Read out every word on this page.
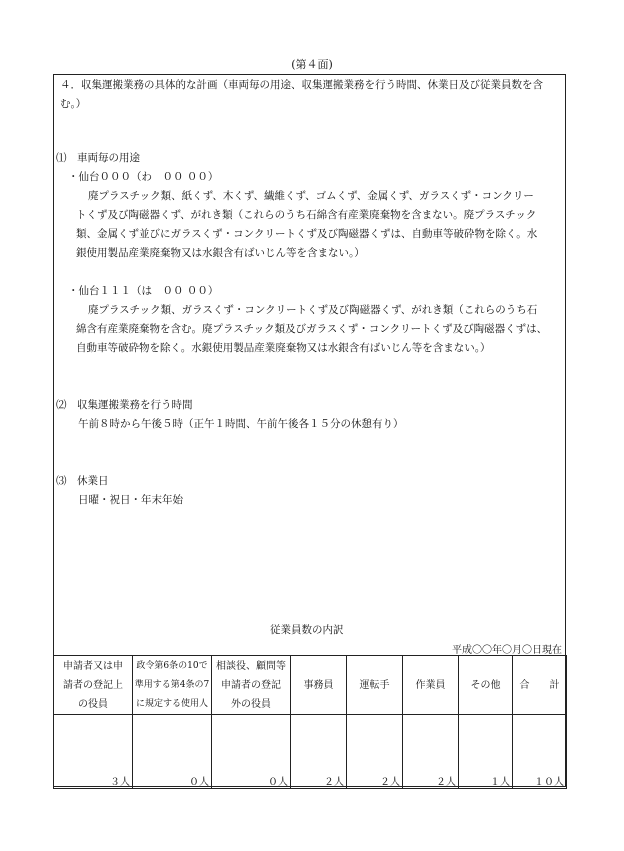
(第４面)
４．収集運搬業務の具体的な計画（車両毎の用途、収集運搬業務を行う時間、休業日及び従業員数を含
む。）
⑴　車両毎の用途
・仙台０００（わ　００ ００）
廃プラスチック類、紙くず、木くず、繊維くず、ゴムくず、金属くず、ガラスくず・コンクリー
トくず及び陶磁器くず、がれき類（これらのうち石綿含有産業廃棄物を含まない。廃プラスチック
類、金属くず並びにガラスくず・コンクリートくず及び陶磁器くずは、自動車等破砕物を除く。水
銀使用製品産業廃棄物又は水銀含有ばいじん等を含まない。）
・仙台１１１（は　００ ００）
廃プラスチック類、ガラスくず・コンクリートくず及び陶磁器くず、がれき類（これらのうち石
綿含有産業廃棄物を含む。廃プラスチック類及びガラスくず・コンクリートくず及び陶磁器くずは、
自動車等破砕物を除く。水銀使用製品産業廃棄物又は水銀含有ばいじん等を含まない。）
⑵　収集運搬業務を行う時間
午前８時から午後５時（正午１時間、午前午後各１５分の休憩有り）
⑶　休業日
日曜・祝日・年末年始
従業員数の内訳
平成〇〇年〇月〇日現在
申請者又は申
請者の登記上
の役員	政令第6条の10で
準用する第4条の7
に規定する使用人	相談役、顧問等
申請者の登記
外の役員	事務員	運転手	作業員	その他	合　　計
３人	０人	０人	２人	２人	２人	１人	１０人
